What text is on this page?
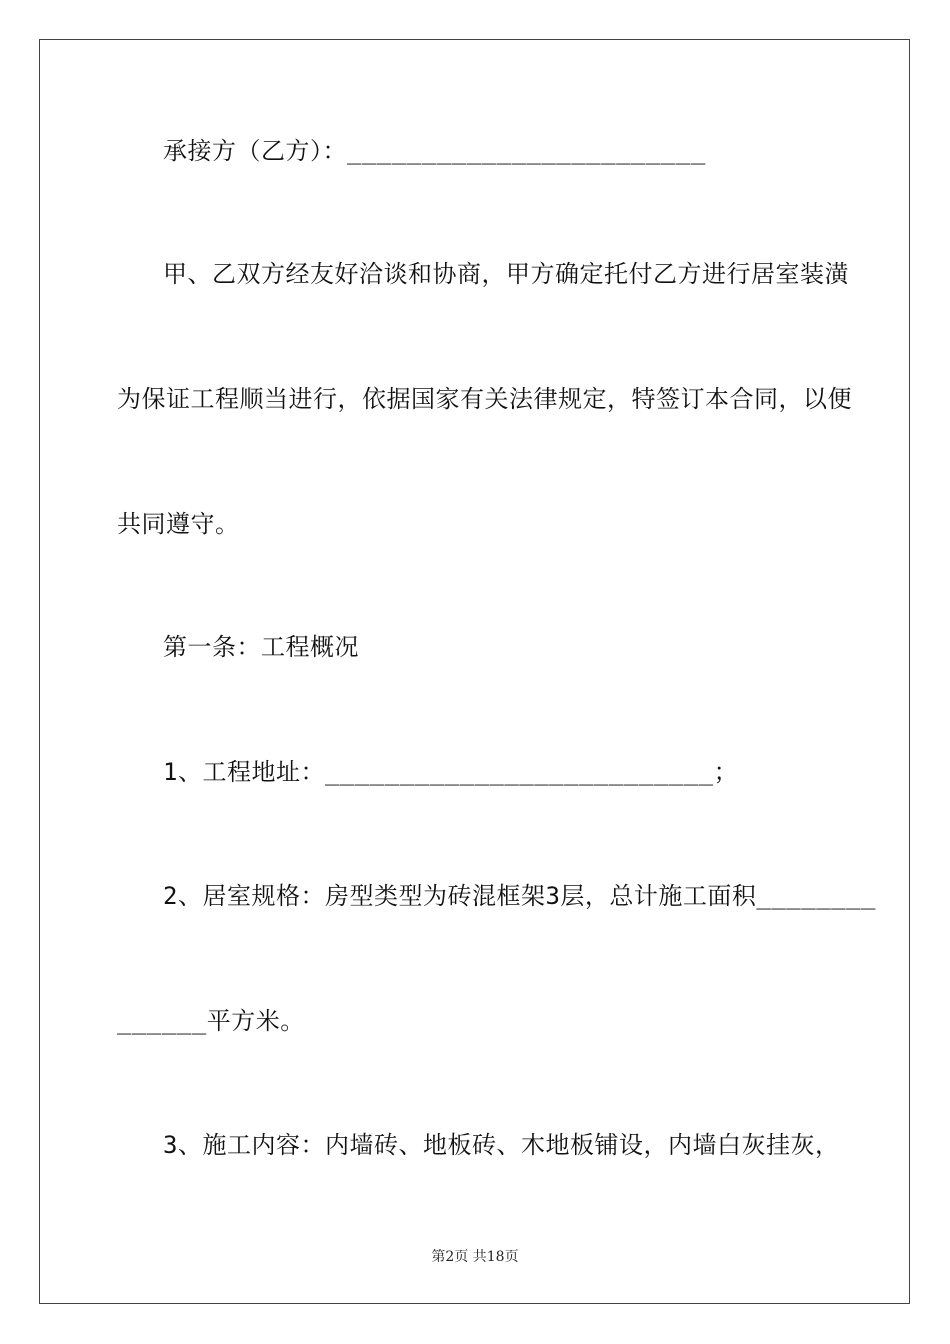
承接方（乙方）：________________________
甲、乙双方经友好洽谈和协商，甲方确定托付乙方进行居室装潢
为保证工程顺当进行，依据国家有关法律规定，特签订本合同，以便
共同遵守。
第一条：工程概况
1、工程地址：__________________________；
2、居室规格：房型类型为砖混框架3层，总计施工面积________
______平方米。
3、施工内容：内墙砖、地板砖、木地板铺设，内墙白灰挂灰，
第2页 共18页
